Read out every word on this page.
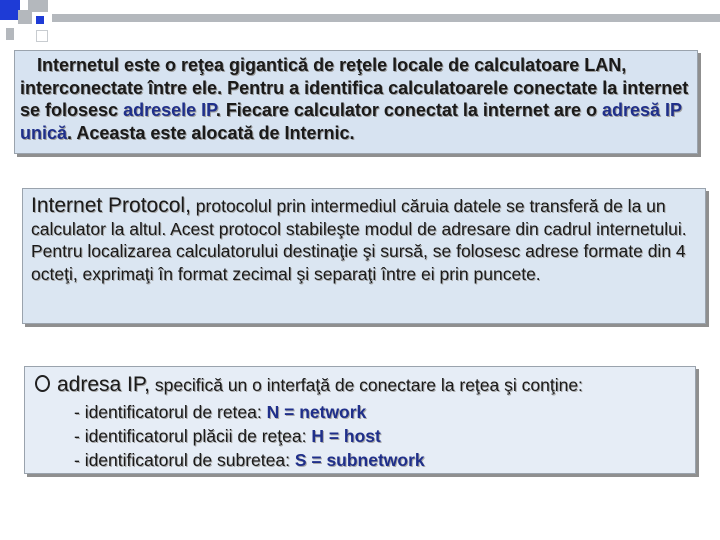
Internetul este o reţea gigantică de reţele locale de calculatoare LAN, interconectate între ele. Pentru a identifica calculatoarele conectate la internet se folosesc adresele IP. Fiecare calculator conectat la internet are o adresă IP unică. Aceasta este alocată de Internic.
Internet Protocol, protocolul prin intermediul căruia datele se transferă de la un calculator la altul. Acest protocol stabileşte modul de adresare din cadrul internetului. Pentru localizarea calculatorului destinaţie şi sursă, se folosesc adrese formate din 4 octeţi, exprimaţi în format zecimal şi separaţi între ei prin puncete.
adresa IP, specifică un o interfaţă de conectare la reţea şi conţine:
- identificatorul de retea: N = network
- identificatorul plăcii de reţea: H = host
- identificatorul de subretea: S = subnetwork
